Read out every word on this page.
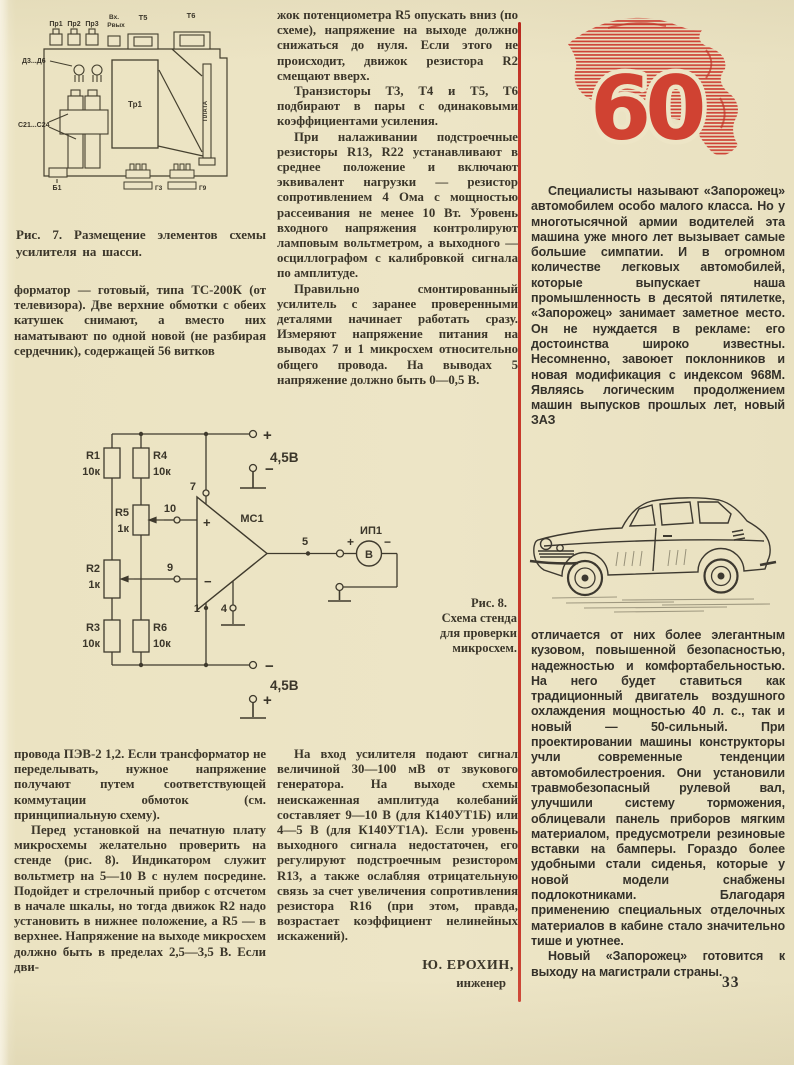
Пр1 Пр2 Пр3
Вх.
Рвых
Т5	Т6
Д3...Д6
Тр1
С21...С24
Б1
ПЛАТА
Г3	Г9
Рис. 7. Размещение элементов схемы усилителя на шасси.

форматор — готовый, типа ТС-200К (от телевизора). Две верхние обмотки с обеих катушек снимают, а вместо них наматывают по одной новой (не разбирая сердечник), содержащей 56 витков

R1
10к
R4
10к
R5
1к
R2
1к
R3
10к
R6
10к
МС1
ИП1
В
7
10
9
1 4
5
+
−
4,5В
−
4,5В
+
+
−
+ −
Рис. 8.
Схема стенда
для проверки
микросхем.

провода ПЭВ-2 1,2. Если трансформатор не переделывать, нужное напряжение получают путем соответствующей коммутации обмоток (см. принципиальную схему).

Перед установкой на печатную плату микросхемы желательно проверить на стенде (рис. 8). Индикатором служит вольтметр на 5—10 В с нулем посредине. Подойдет и стрелочный прибор с отсчетом в начале шкалы, но тогда движок R2 надо установить в нижнее положение, а R5 — в верхнее. Напряжение на выходе микросхем должно быть в пределах 2,5—3,5 В. Если дви-

жок потенциометра R5 опускать вниз (по схеме), напряжение на выходе должно снижаться до нуля. Если этого не происходит, движок резистора R2 смещают вверх.

Транзисторы Т3, Т4 и Т5, Т6 подбирают в пары с одинаковыми коэффициентами усиления.

При налаживании подстроечные резисторы R13, R22 устанавливают в среднее положение и включают эквивалент нагрузки — резистор сопротивлением 4 Ома с мощностью рассеивания не менее 10 Вт. Уровень входного напряжения контролируют ламповым вольтметром, а выходного — осциллографом с калибровкой сигнала по амплитуде.

Правильно смонтированный усилитель с заранее проверенными деталями начинает работать сразу. Измеряют напряжение питания на выводах 7 и 1 микросхем относительно общего провода. На выводах 5 напряжение должно быть 0—0,5 В.

На вход усилителя подают сигнал величиной 30—100 мВ от звукового генератора. На выходе схемы неискаженная амплитуда колебаний составляет 9—10 В (для К140УТ1Б) или 4—5 В (для К140УТ1А). Если уровень выходного сигнала недостаточен, его регулируют подстроечным резистором R13, а также ослабляя отрицательную связь за счет увеличения сопротивления резистора R16 (при этом, правда, возрастает коэффициент нелинейных искажений).

Ю. ЕРОХИН,
инженер
60

Специалисты называют «Запорожец» автомобилем особо малого класса. Но у многотысячной армии водителей эта машина уже много лет вызывает самые большие симпатии. И в огромном количестве легковых автомобилей, которые выпускает наша промышленность в десятой пятилетке, «Запорожец» занимает заметное место. Он не нуждается в рекламе: его достоинства широко известны. Несомненно, завоюет поклонников и новая модификация с индексом 968М. Являясь логическим продолжением машин выпусков прошлых лет, новый ЗАЗ

отличается от них более элегантным кузовом, повышенной безопасностью, надежностью и комфортабельностью. На него будет ставиться как традиционный двигатель воздушного охлаждения мощностью 40 л. с., так и новый — 50-сильный. При проектировании машины конструкторы учли современные тенденции автомобилестроения. Они установили травмобезопасный рулевой вал, улучшили систему торможения, облицевали панель приборов мягким материалом, предусмотрели резиновые вставки на бамперы. Гораздо более удобными стали сиденья, которые у новой модели снабжены подлокотниками. Благодаря применению специальных отделочных материалов в кабине стало значительно тише и уютнее.

Новый «Запорожец» готовится к выходу на магистрали страны.

33
